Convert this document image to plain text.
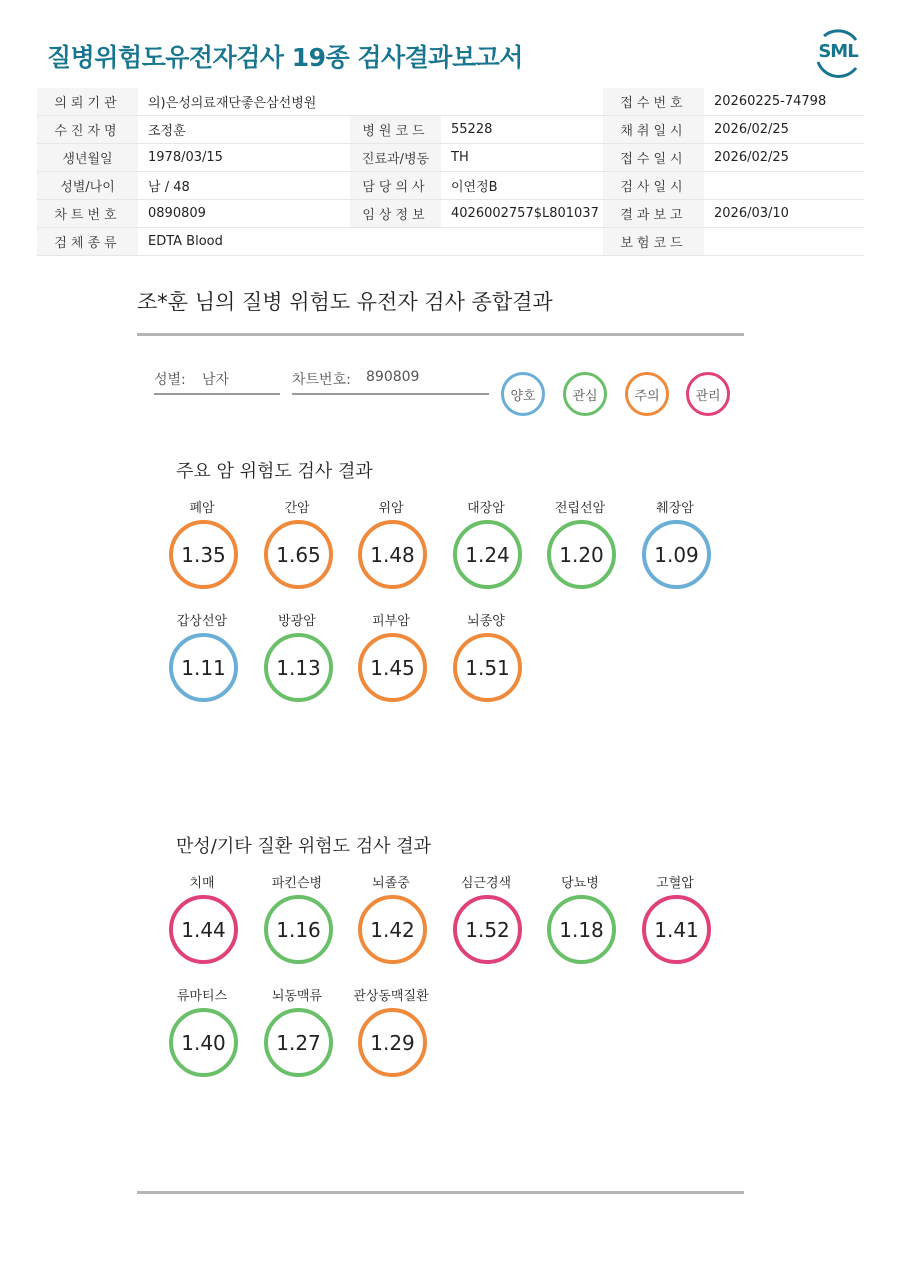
질병위험도유전자검사 19종 검사결과보고서	SML
의뢰기관	의)은성의료재단좋은삼선병원			접수번호	20260225-74798
수진자명	조정훈	병원코드	55228	채취일시	2026/02/25
생년월일	1978/03/15	진료과/병동	TH	접수일시	2026/02/25
성별/나이	남 / 48	담당의사	이연정B	검사일시	
차트번호	0890809	임상정보	4026002757$L801037	결과보고	2026/03/10
검체종류	EDTA Blood			보험코드	
조*훈 님의 질병 위험도 유전자 검사 종합결과
성별: 남자	차트번호: 890809
양호	관심	주의	관리
주요 암 위험도 검사 결과
폐암
1.35
간암
1.65
위암
1.48
대장암
1.24
전립선암
1.20
췌장암
1.09
갑상선암
1.11
방광암
1.13
피부암
1.45
뇌종양
1.51
만성/기타 질환 위험도 검사 결과
치매
1.44
파킨슨병
1.16
뇌졸중
1.42
심근경색
1.52
당뇨병
1.18
고혈압
1.41
류마티스
1.40
뇌동맥류
1.27
관상동맥질환
1.29
